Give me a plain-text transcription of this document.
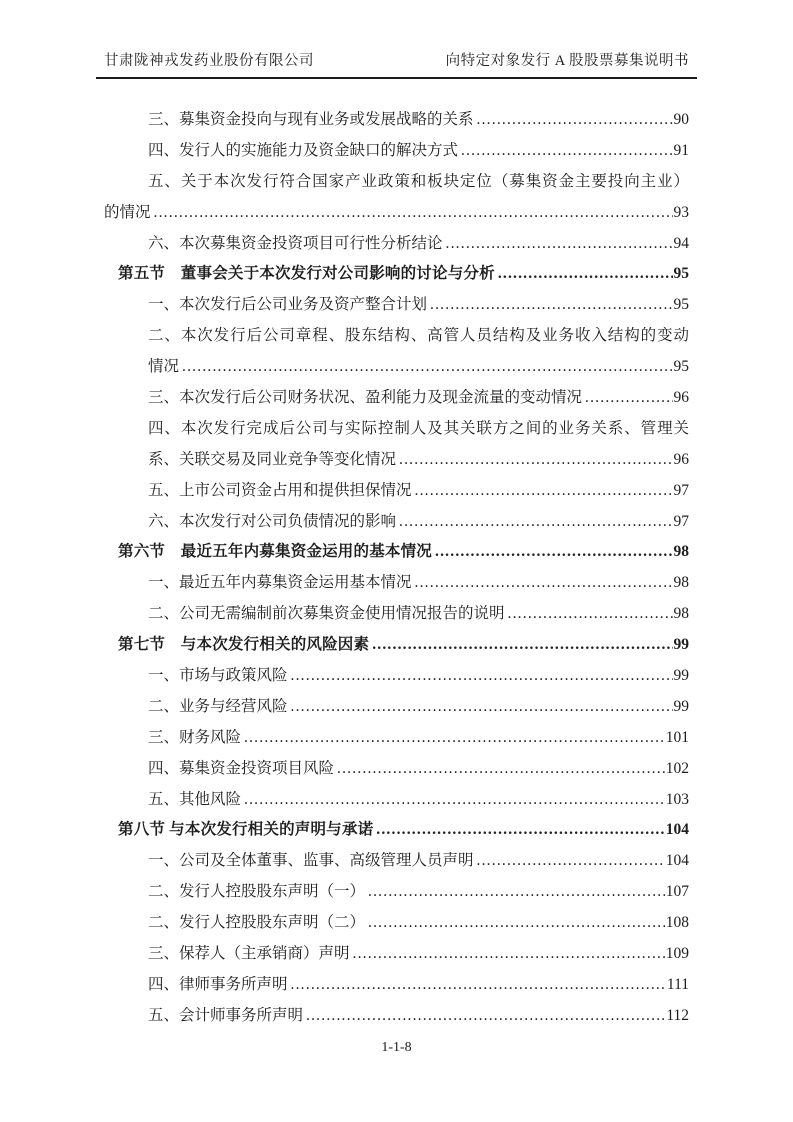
甘肃陇神戎发药业股份有限公司	向特定对象发行 A 股股票募集说明书
三、募集资金投向与现有业务或发展战略的关系 .....	90
四、发行人的实施能力及资金缺口的解决方式 .....	91
五、关于本次发行符合国家产业政策和板块定位（募集资金主要投向主业）
的情况 .....	93
六、本次募集资金投资项目可行性分析结论 .....	94
第五节　董事会关于本次发行对公司影响的讨论与分析 .....	95
一、本次发行后公司业务及资产整合计划 .....	95
二、本次发行后公司章程、股东结构、高管人员结构及业务收入结构的变动
情况 .....	95
三、本次发行后公司财务状况、盈利能力及现金流量的变动情况 .....	96
四、本次发行完成后公司与实际控制人及其关联方之间的业务关系、管理关
系、关联交易及同业竞争等变化情况 .....	96
五、上市公司资金占用和提供担保情况 .....	97
六、本次发行对公司负债情况的影响 .....	97
第六节　最近五年内募集资金运用的基本情况 .....	98
一、最近五年内募集资金运用基本情况 .....	98
二、公司无需编制前次募集资金使用情况报告的说明 .....	98
第七节　与本次发行相关的风险因素 .....	99
一、市场与政策风险 .....	99
二、业务与经营风险 .....	99
三、财务风险 .....	101
四、募集资金投资项目风险 .....	102
五、其他风险 .....	103
第八节 与本次发行相关的声明与承诺 .....	104
一、公司及全体董事、监事、高级管理人员声明 .....	104
二、发行人控股股东声明（一） .....	107
二、发行人控股股东声明（二） .....	108
三、保荐人（主承销商）声明 .....	109
四、律师事务所声明 .....	111
五、会计师事务所声明 .....	112
1-1-8
